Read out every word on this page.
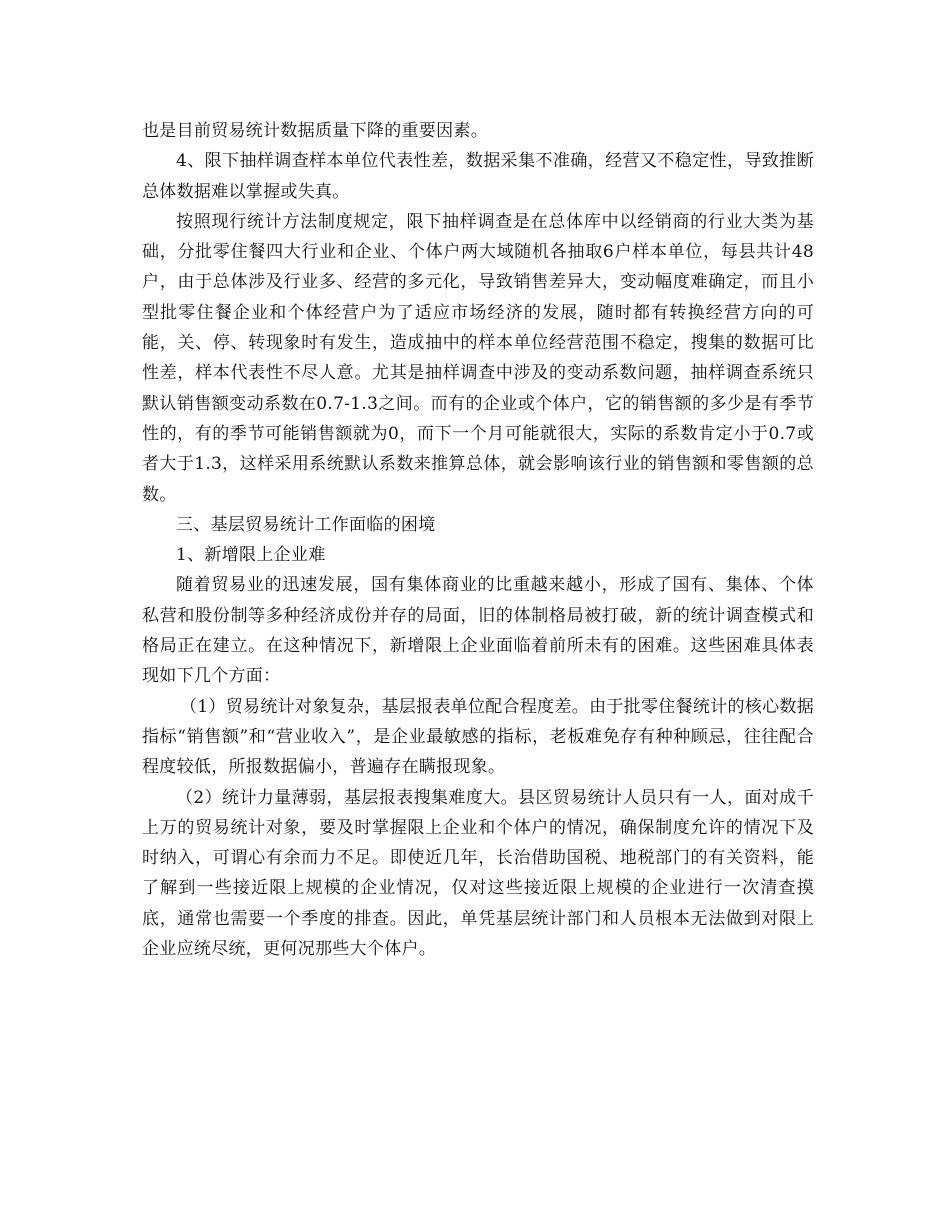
也是目前贸易统计数据质量下降的重要因素。

4、限下抽样调查样本单位代表性差，数据采集不准确，经营又不稳定性，导致推断总体数据难以掌握或失真。

按照现行统计方法制度规定，限下抽样调查是在总体库中以经销商的行业大类为基础，分批零住餐四大行业和企业、个体户两大域随机各抽取6户样本单位，每县共计48户，由于总体涉及行业多、经营的多元化，导致销售差异大，变动幅度难确定，而且小型批零住餐企业和个体经营户为了适应市场经济的发展，随时都有转换经营方向的可能，关、停、转现象时有发生，造成抽中的样本单位经营范围不稳定，搜集的数据可比性差，样本代表性不尽人意。尤其是抽样调查中涉及的变动系数问题，抽样调查系统只默认销售额变动系数在0.7-1.3之间。而有的企业或个体户，它的销售额的多少是有季节性的，有的季节可能销售额就为0，而下一个月可能就很大，实际的系数肯定小于0.7或者大于1.3，这样采用系统默认系数来推算总体，就会影响该行业的销售额和零售额的总数。

三、基层贸易统计工作面临的困境

1、新增限上企业难

随着贸易业的迅速发展，国有集体商业的比重越来越小，形成了国有、集体、个体私营和股份制等多种经济成份并存的局面，旧的体制格局被打破，新的统计调查模式和格局正在建立。在这种情况下，新增限上企业面临着前所未有的困难。这些困难具体表现如下几个方面：

（1）贸易统计对象复杂，基层报表单位配合程度差。由于批零住餐统计的核心数据指标“销售额”和“营业收入”，是企业最敏感的指标，老板难免存有种种顾忌，往往配合程度较低，所报数据偏小，普遍存在瞒报现象。

（2）统计力量薄弱，基层报表搜集难度大。县区贸易统计人员只有一人，面对成千上万的贸易统计对象，要及时掌握限上企业和个体户的情况，确保制度允许的情况下及时纳入，可谓心有余而力不足。即使近几年，长治借助国税、地税部门的有关资料，能了解到一些接近限上规模的企业情况，仅对这些接近限上规模的企业进行一次清查摸底，通常也需要一个季度的排查。因此，单凭基层统计部门和人员根本无法做到对限上企业应统尽统，更何况那些大个体户。
